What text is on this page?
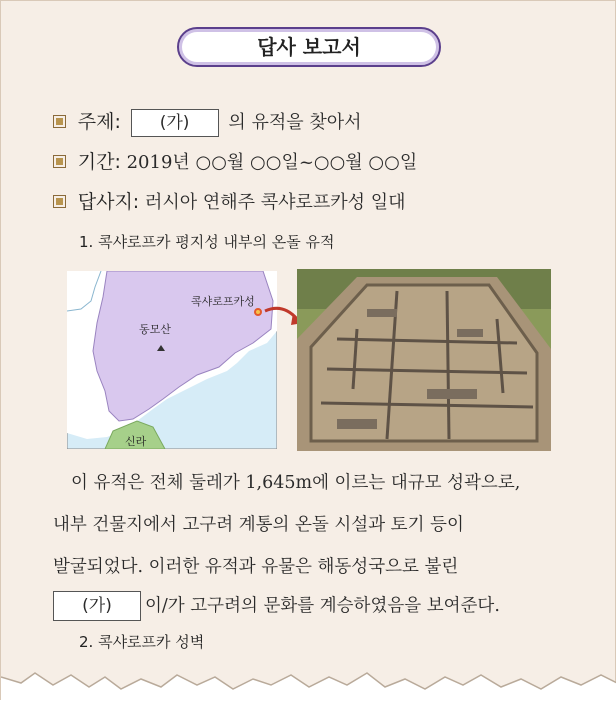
답사 보고서
주제: (가) 의 유적을 찾아서
기간: 2019년 ○○월 ○○일~○○월 ○○일
답사지: 러시아 연해주 콕샤로프카성 일대
1. 콕샤로프카 평지성 내부의 온돌 유적
동모산
콕샤로프카성
신라
이 유적은 전체 둘레가 1,645m에 이르는 대규모 성곽으로,
내부 건물지에서 고구려 계통의 온돌 시설과 토기 등이
발굴되었다. 이러한 유적과 유물은 해동성국으로 불린
(가) 이/가 고구려의 문화를 계승하였음을 보여준다.
2. 콕샤로프카 성벽
